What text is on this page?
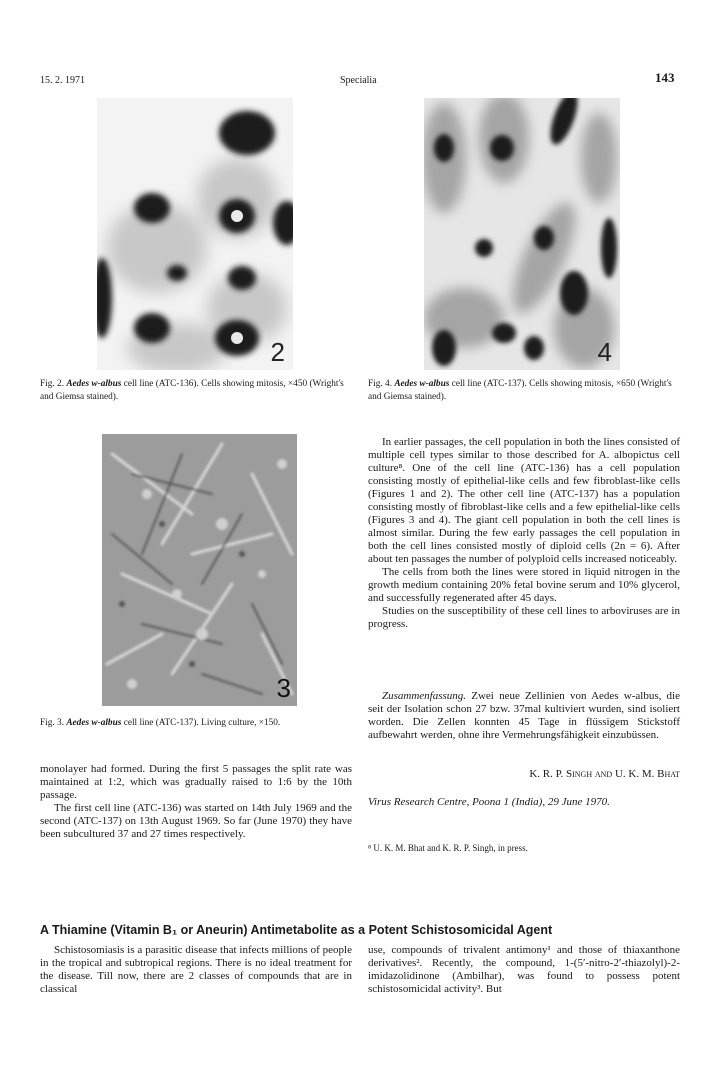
15. 2. 1971	Specialia	143
2	4
Fig. 2. Aedes w-albus cell line (ATC-136). Cells showing mitosis, ×450 (Wright's and Giemsa stained).
Fig. 4. Aedes w-albus cell line (ATC-137). Cells showing mitosis, ×650 (Wright's and Giemsa stained).
3
Fig. 3. Aedes w-albus cell line (ATC-137). Living culture, ×150.

In earlier passages, the cell population in both the lines consisted of multiple cell types similar to those described for A. albopictus cell culture⁸. One of the cell line (ATC-136) has a cell population consisting mostly of epithelial-like cells and few fibroblast-like cells (Figures 1 and 2). The other cell line (ATC-137) has a population consisting mostly of fibroblast-like cells and a few epithelial-like cells (Figures 3 and 4). The giant cell population in both the cell lines is almost similar. During the few early passages the cell population in both the cell lines consisted mostly of diploid cells (2n = 6). After about ten passages the number of polyploid cells increased noticeably.

The cells from both the lines were stored in liquid nitrogen in the growth medium containing 20% fetal bovine serum and 10% glycerol, and successfully regenerated after 45 days.

Studies on the susceptibility of these cell lines to arboviruses are in progress.

Zusammenfassung. Zwei neue Zellinien von Aedes w-albus, die seit der Isolation schon 27 bzw. 37mal kultiviert wurden, sind isoliert worden. Die Zellen konnten 45 Tage in flüssigem Stickstoff aufbewahrt werden, ohne ihre Vermehrungsfähigkeit einzubüssen.

K. R. P. Singh and U. K. M. Bhat
Virus Research Centre, Poona 1 (India), 29 June 1970.
⁸ U. K. M. Bhat and K. R. P. Singh, in press.

monolayer had formed. During the first 5 passages the split rate was maintained at 1:2, which was gradually raised to 1:6 by the 10th passage.

The first cell line (ATC-136) was started on 14th July 1969 and the second (ATC-137) on 13th August 1969. So far (June 1970) they have been subcultured 37 and 27 times respectively.

A Thiamine (Vitamin B₁ or Aneurin) Antimetabolite as a Potent Schistosomicidal Agent

Schistosomiasis is a parasitic disease that infects millions of people in the tropical and subtropical regions. There is no ideal treatment for the disease. Till now, there are 2 classes of compounds that are in classical

use, compounds of trivalent antimony¹ and those of thiaxanthone derivatives². Recently, the compound, 1-(5′-nitro-2′-thiazolyl)-2-imidazolidinone (Ambilhar), was found to possess potent schistosomicidal activity³. But
